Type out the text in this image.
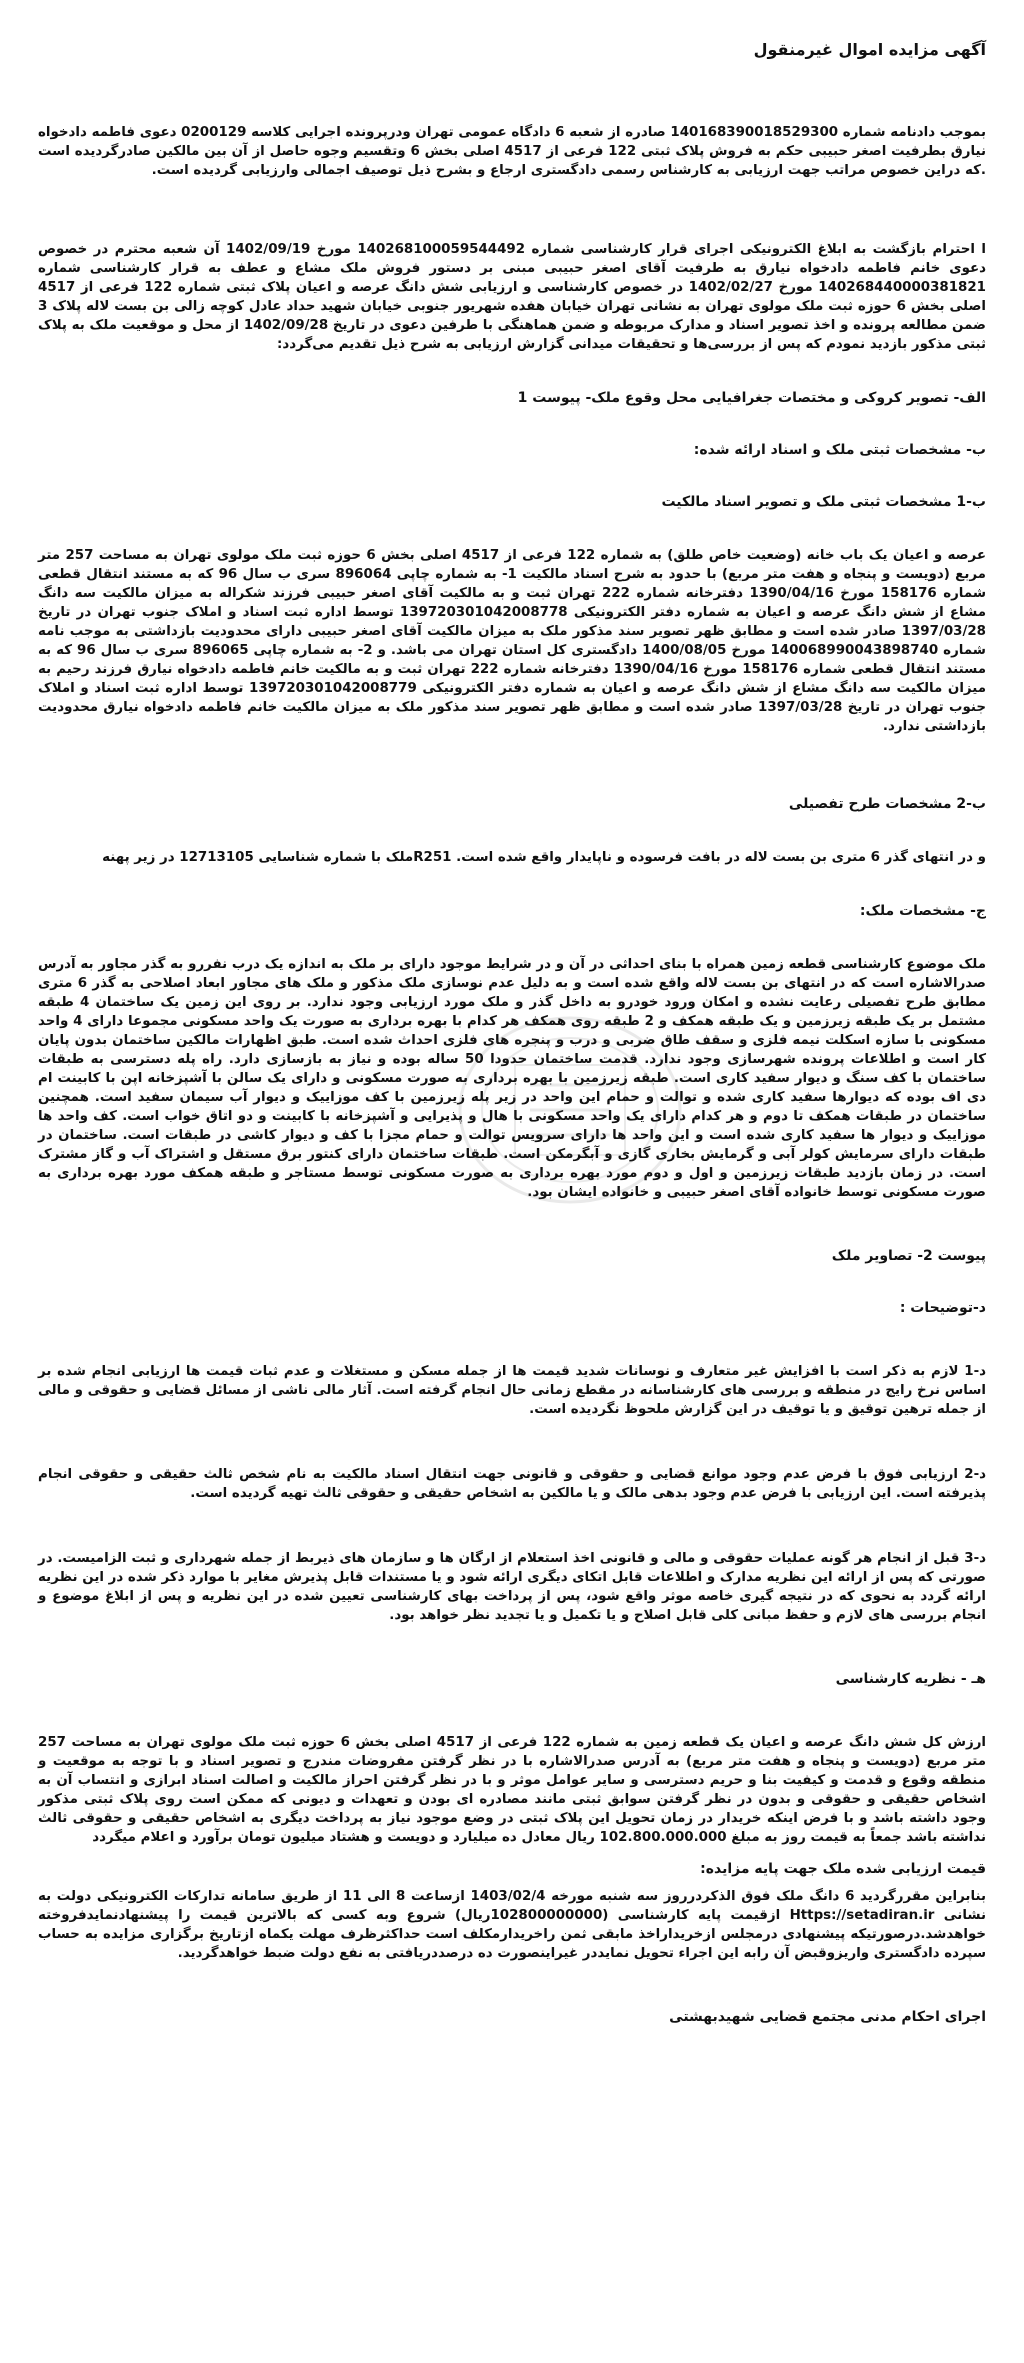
آگهی مزایده اموال غیرمنقول

بموجب دادنامه شماره 140168390018529300 صادره از شعبه 6 دادگاه عمومی تهران ودرپرونده اجرایی کلاسه 0200129 دعوی فاطمه دادخواه نیارق بطرفیت اصغر حبیبی حکم به فروش پلاک ثبتی 122 فرعی از 4517 اصلی بخش 6 وتقسیم وجوه حاصل از آن بین مالکین صادرگردیده است .که دراین خصوص مراتب جهت ارزیابی به کارشناس رسمی دادگستری ارجاع و بشرح ذیل توصیف اجمالی وارزیابی گردیده است.

ا احترام بازگشت به ابلاغ الکترونیکی اجرای قرار کارشناسی شماره 140268100059544492 مورخ 1402/09/19 آن شعبه محترم در خصوص دعوی خانم فاطمه دادخواه نیارق به طرفیت آقای اصغر حبیبی مبنی بر دستور فروش ملک مشاع و عطف به قرار کارشناسی شماره 140268440000381821 مورخ 1402/02/27 در خصوص کارشناسی و ارزیابی شش دانگ عرصه و اعیان پلاک ثبتی شماره 122 فرعی از 4517 اصلی بخش 6 حوزه ثبت ملک مولوی تهران به نشانی تهران خیابان هفده شهریور جنوبی خیابان شهید حداد عادل کوچه زالی بن بست لاله پلاک 3 ضمن مطالعه پرونده و اخذ تصویر اسناد و مدارک مربوطه و ضمن هماهنگی با طرفین دعوی در تاریخ 1402/09/28 از محل و موقعیت ملک به پلاک ثبتی مذکور بازدید نمودم که پس از بررسی‌ها و تحقیقات میدانی گزارش ارزیابی به شرح ذیل تقدیم می‌گردد:

الف- تصویر کروکی و مختصات جغرافیایی محل وقوع ملک- پیوست 1

ب- مشخصات ثبتی ملک و اسناد ارائه شده:

ب-1 مشخصات ثبتی ملک و تصویر اسناد مالکیت

عرصه و اعیان یک باب خانه (وضعیت خاص طلق) به شماره 122 فرعی از 4517 اصلی بخش 6 حوزه ثبت ملک مولوی تهران به مساحت 257 متر مربع (دویست و پنجاه و هفت متر مربع) با حدود به شرح اسناد مالکیت 1- به شماره چاپی 896064 سری ب سال 96 که به مستند انتقال قطعی شماره 158176 مورخ 1390/04/16 دفترخانه شماره 222 تهران ثبت و به مالکیت آقای اصغر حبیبی فرزند شکراله به میزان مالکیت سه دانگ مشاع از شش دانگ عرصه و اعیان به شماره دفتر الکترونیکی 139720301042008778 توسط اداره ثبت اسناد و املاک جنوب تهران در تاریخ 1397/03/28 صادر شده است و مطابق ظهر تصویر سند مذکور ملک به میزان مالکیت آقای اصغر حبیبی دارای محدودیت بازداشتی به موجب نامه شماره 140068990043898740 مورخ 1400/08/05 دادگستری کل استان تهران می باشد. و 2- به شماره چاپی 896065 سری ب سال 96 که به مستند انتقال قطعی شماره 158176 مورخ 1390/04/16 دفترخانه شماره 222 تهران ثبت و به مالکیت خانم فاطمه دادخواه نیارق فرزند رحیم به میزان مالکیت سه دانگ مشاع از شش دانگ عرصه و اعیان به شماره دفتر الکترونیکی 139720301042008779 توسط اداره ثبت اسناد و املاک جنوب تهران در تاریخ 1397/03/28 صادر شده است و مطابق ظهر تصویر سند مذکور ملک به میزان مالکیت خانم فاطمه دادخواه نیارق محدودیت بازداشتی ندارد.

ب-2 مشخصات طرح تفصیلی

و در انتهای گذر 6 متری بن بست لاله در بافت فرسوده و ناپایدار واقع شده است. R251ملک با شماره شناسایی 12713105 در زیر پهنه

ج- مشخصات ملک:

ملک موضوع کارشناسی قطعه زمین همراه با بنای احداثی در آن و در شرایط موجود دارای بر ملک به اندازه یک درب نفررو به گذر مجاور به آدرس صدرالاشاره است که در انتهای بن بست لاله واقع شده است و به دلیل عدم نوسازی ملک مذکور و ملک های مجاور ابعاد اصلاحی به گذر 6 متری مطابق طرح تفصیلی رعایت نشده و امکان ورود خودرو به داخل گذر و ملک مورد ارزیابی وجود ندارد. بر روی این زمین یک ساختمان 4 طبقه مشتمل بر یک طبقه زیرزمین و یک طبقه همکف و 2 طبقه روی همکف هر کدام با بهره برداری به صورت یک واحد مسکونی مجموعا دارای 4 واحد مسکونی با سازه اسکلت نیمه فلزی و سقف طاق ضربی و درب و پنجره های فلزی احداث شده است. طبق اظهارات مالکین ساختمان بدون پایان کار است و اطلاعات پرونده شهرسازی وجود ندارد. قدمت ساختمان حدودا 50 ساله بوده و نیاز به بازسازی دارد. راه پله دسترسی به طبقات ساختمان با کف سنگ و دیوار سفید کاری است. طبقه زیرزمین با بهره برداری به صورت مسکونی و دارای یک سالن با آشپزخانه اپن با کابینت ام دی اف بوده که دیوارها سفید کاری شده و توالت و حمام این واحد در زیر پله زیرزمین با کف موزاییک و دیوار آب سیمان سفید است. همچنین ساختمان در طبقات همکف تا دوم و هر کدام دارای یک واحد مسکونی با هال و پذیرایی و آشپزخانه با کابینت و دو اتاق خواب است. کف واحد ها موزاییک و دیوار ها سفید کاری شده است و این واحد ها دارای سرویس توالت و حمام مجزا با کف و دیوار کاشی در طبقات است. ساختمان در طبقات دارای سرمایش کولر آبی و گرمایش بخاری گازی و آبگرمکن است. طبقات ساختمان دارای کنتور برق مستقل و اشتراک آب و گاز مشترک است. در زمان بازدید طبقات زیرزمین و اول و دوم مورد بهره برداری به صورت مسکونی توسط مستاجر و طبقه همکف مورد بهره برداری به صورت مسکونی توسط خانواده آقای اصغر حبیبی و خانواده ایشان بود.

پیوست 2- تصاویر ملک

د-توضیحات :

د-1 لازم به ذکر است با افزایش غیر متعارف و نوسانات شدید قیمت ها از جمله مسکن و مستغلات و عدم ثبات قیمت ها ارزیابی انجام شده بر اساس نرخ رایج در منطقه و بررسی های کارشناسانه در مقطع زمانی حال انجام گرفته است. آثار مالی ناشی از مسائل قضایی و حقوقی و مالی از جمله ترهین توقیق و یا توقیف در این گزارش ملحوظ نگردیده است.

د-2 ارزیابی فوق با فرض عدم وجود موانع قضایی و حقوقی و قانونی جهت انتقال اسناد مالکیت به نام شخص ثالث حقیقی و حقوقی انجام پذیرفته است. این ارزیابی با فرض عدم وجود بدهی مالک و یا مالکین به اشخاص حقیقی و حقوقی ثالث تهیه گردیده است.

د-3 قبل از انجام هر گونه عملیات حقوقی و مالی و قانونی اخذ استعلام از ارگان ها و سازمان های ذیربط از جمله شهرداری و ثبت الزامیست. در صورتی که پس از ارائه این نظریه مدارک و اطلاعات قابل اتکای دیگری ارائه شود و یا مستندات قابل پذیرش مغایر با موارد ذکر شده در این نظریه ارائه گردد به نحوی که در نتیجه گیری خاصه موثر واقع شود، پس از پرداخت بهای کارشناسی تعیین شده در این نظریه و پس از ابلاغ موضوع و انجام بررسی های لازم و حفظ مبانی کلی قابل اصلاح و یا تکمیل و یا تجدید نظر خواهد بود.

هـ - نظریه کارشناسی

ارزش کل شش دانگ عرصه و اعیان یک قطعه زمین به شماره 122 فرعی از 4517 اصلی بخش 6 حوزه ثبت ملک مولوی تهران به مساحت 257 متر مربع (دویست و پنجاه و هفت متر مربع) به آدرس صدرالاشاره با در نظر گرفتن مفروضات مندرج و تصویر اسناد و با توجه به موقعیت و منطقه وقوع و قدمت و کیفیت بنا و حریم دسترسی و سایر عوامل موثر و با در نظر گرفتن احراز مالکیت و اصالت اسناد ابرازی و انتساب آن به اشخاص حقیقی و حقوقی و بدون در نظر گرفتن سوابق ثبتی مانند مصادره ای بودن و تعهدات و دیونی که ممکن است روی پلاک ثبتی مذکور وجود داشته باشد و با فرض اینکه خریدار در زمان تحویل این پلاک ثبتی در وضع موجود نیاز به پرداخت دیگری به اشخاص حقیقی و حقوقی ثالث نداشته باشد جمعاً به قیمت روز به مبلغ 102.800.000.000 ریال معادل ده میلیارد و دویست و هشتاد میلیون تومان برآورد و اعلام میگردد

قیمت ارزیابی شده ملک جهت پایه مزایده:

بنابراین مقررگردید 6 دانگ ملک فوق الذکردرروز سه شنبه مورخه 1403/02/4 ازساعت 8 الی 11 از طریق سامانه تدارکات الکترونیکی دولت به نشانی Https://setadiran.ir ازقیمت پایه کارشناسی (102800000000ریال) شروع وبه کسی که بالاترین قیمت را پیشنهادنمایدفروخته خواهدشد.درصورتیکه پیشنهادی درمجلس ازخریداراخذ مابقی ثمن راخریدارمکلف است حداکثرظرف مهلت یکماه ازتاریخ برگزاری مزایده به حساب سپرده دادگستری واریزوقبض آن رابه این اجراء تحویل نمایددر غیراینصورت ده درصددریافتی به نفع دولت ضبط خواهدگردید.

اجرای احکام مدنی مجتمع قضایی شهیدبهشتی
